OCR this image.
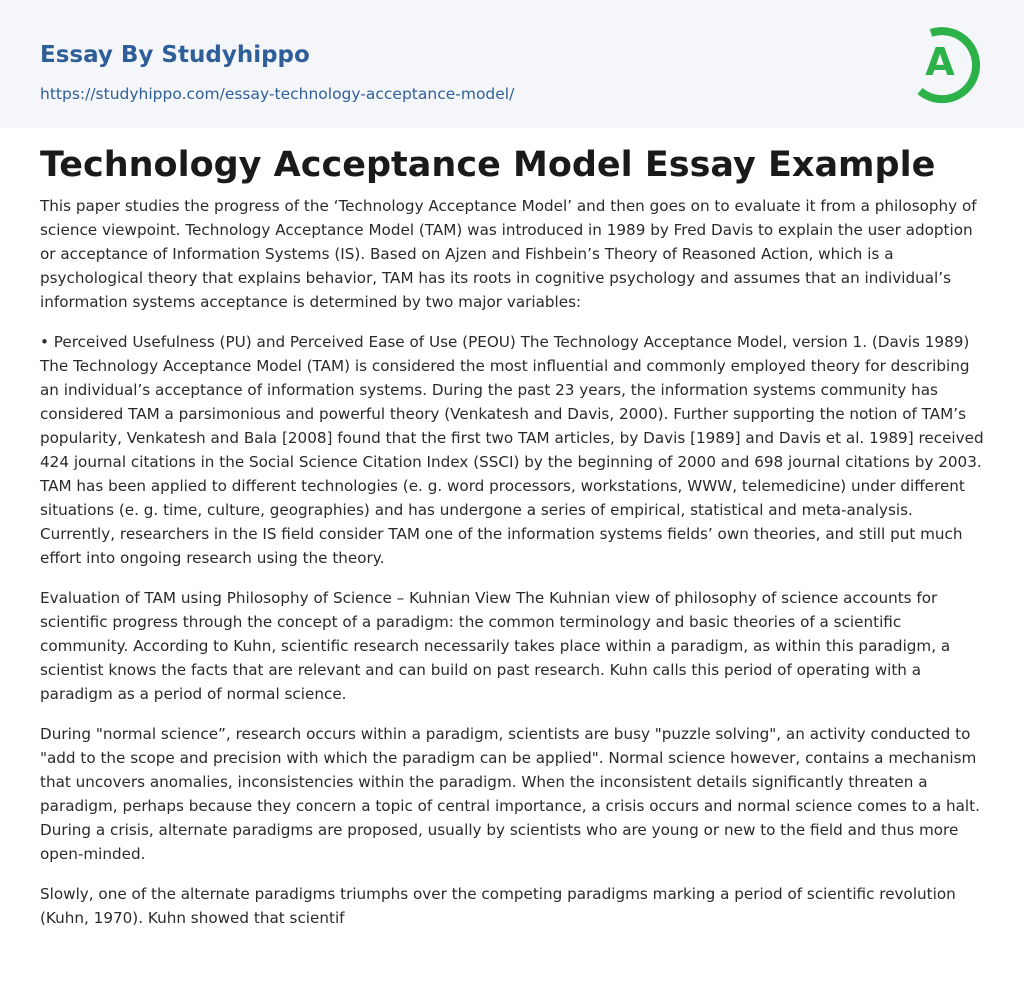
Essay By Studyhippo
https://studyhippo.com/essay-technology-acceptance-model/
A
Technology Acceptance Model Essay Example

This paper studies the progress of the ‘Technology Acceptance Model’ and then goes on to evaluate it from a philosophy of science viewpoint. Technology Acceptance Model (TAM) was introduced in 1989 by Fred Davis to explain the user adoption or acceptance of Information Systems (IS). Based on Ajzen and Fishbein’s Theory of Reasoned Action, which is a psychological theory that explains behavior, TAM has its roots in cognitive psychology and assumes that an individual’s information systems acceptance is determined by two major variables:

• Perceived Usefulness (PU) and Perceived Ease of Use (PEOU) The Technology Acceptance Model, version 1. (Davis 1989) The Technology Acceptance Model (TAM) is considered the most influential and commonly employed theory for describing an individual’s acceptance of information systems. During the past 23 years, the information systems community has considered TAM a parsimonious and powerful theory (Venkatesh and Davis, 2000). Further supporting the notion of TAM’s popularity, Venkatesh and Bala [2008] found that the first two TAM articles, by Davis [1989] and Davis et al. 1989] received 424 journal citations in the Social Science Citation Index (SSCI) by the beginning of 2000 and 698 journal citations by 2003. TAM has been applied to different technologies (e. g. word processors, workstations, WWW, telemedicine) under different situations (e. g. time, culture, geographies) and has undergone a series of empirical, statistical and meta-analysis. Currently, researchers in the IS field consider TAM one of the information systems fields’ own theories, and still put much effort into ongoing research using the theory.

Evaluation of TAM using Philosophy of Science – Kuhnian View The Kuhnian view of philosophy of science accounts for scientific progress through the concept of a paradigm: the common terminology and basic theories of a scientific community. According to Kuhn, scientific research necessarily takes place within a paradigm, as within this paradigm, a scientist knows the facts that are relevant and can build on past research. Kuhn calls this period of operating with a paradigm as a period of normal science.

During "normal science”, research occurs within a paradigm, scientists are busy "puzzle solving", an activity conducted to "add to the scope and precision with which the paradigm can be applied". Normal science however, contains a mechanism that uncovers anomalies, inconsistencies within the paradigm. When the inconsistent details significantly threaten a paradigm, perhaps because they concern a topic of central importance, a crisis occurs and normal science comes to a halt. During a crisis, alternate paradigms are proposed, usually by scientists who are young or new to the field and thus more open-minded.

Slowly, one of the alternate paradigms triumphs over the competing paradigms marking a period of scientific revolution (Kuhn, 1970). Kuhn showed that scientif
